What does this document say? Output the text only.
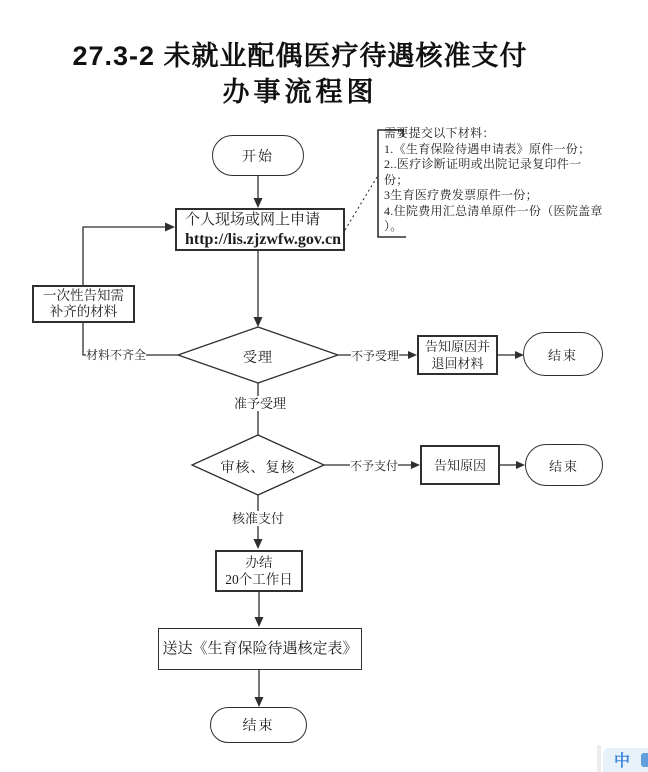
27.3-2 未就业配偶医疗待遇核准支付
办事流程图
开始
个人现场或网上申请
http://lis.zjzwfw.gov.cn
需要提交以下材料：
1.《生育保险待遇申请表》原件一份；
2..医疗诊断证明或出院记录复印件一
份；
3生育医疗费发票原件一份；
4.住院费用汇总清单原件一份（医院盖章
）。
一次性告知需
补齐的材料
受理
审核、复核
材料不齐全	不予受理
准予受理
不予支付
核准支付
告知原因并
退回材料
结束
告知原因	结束
办结
20个工作日
送达《生育保险待遇核定表》
结束
中
